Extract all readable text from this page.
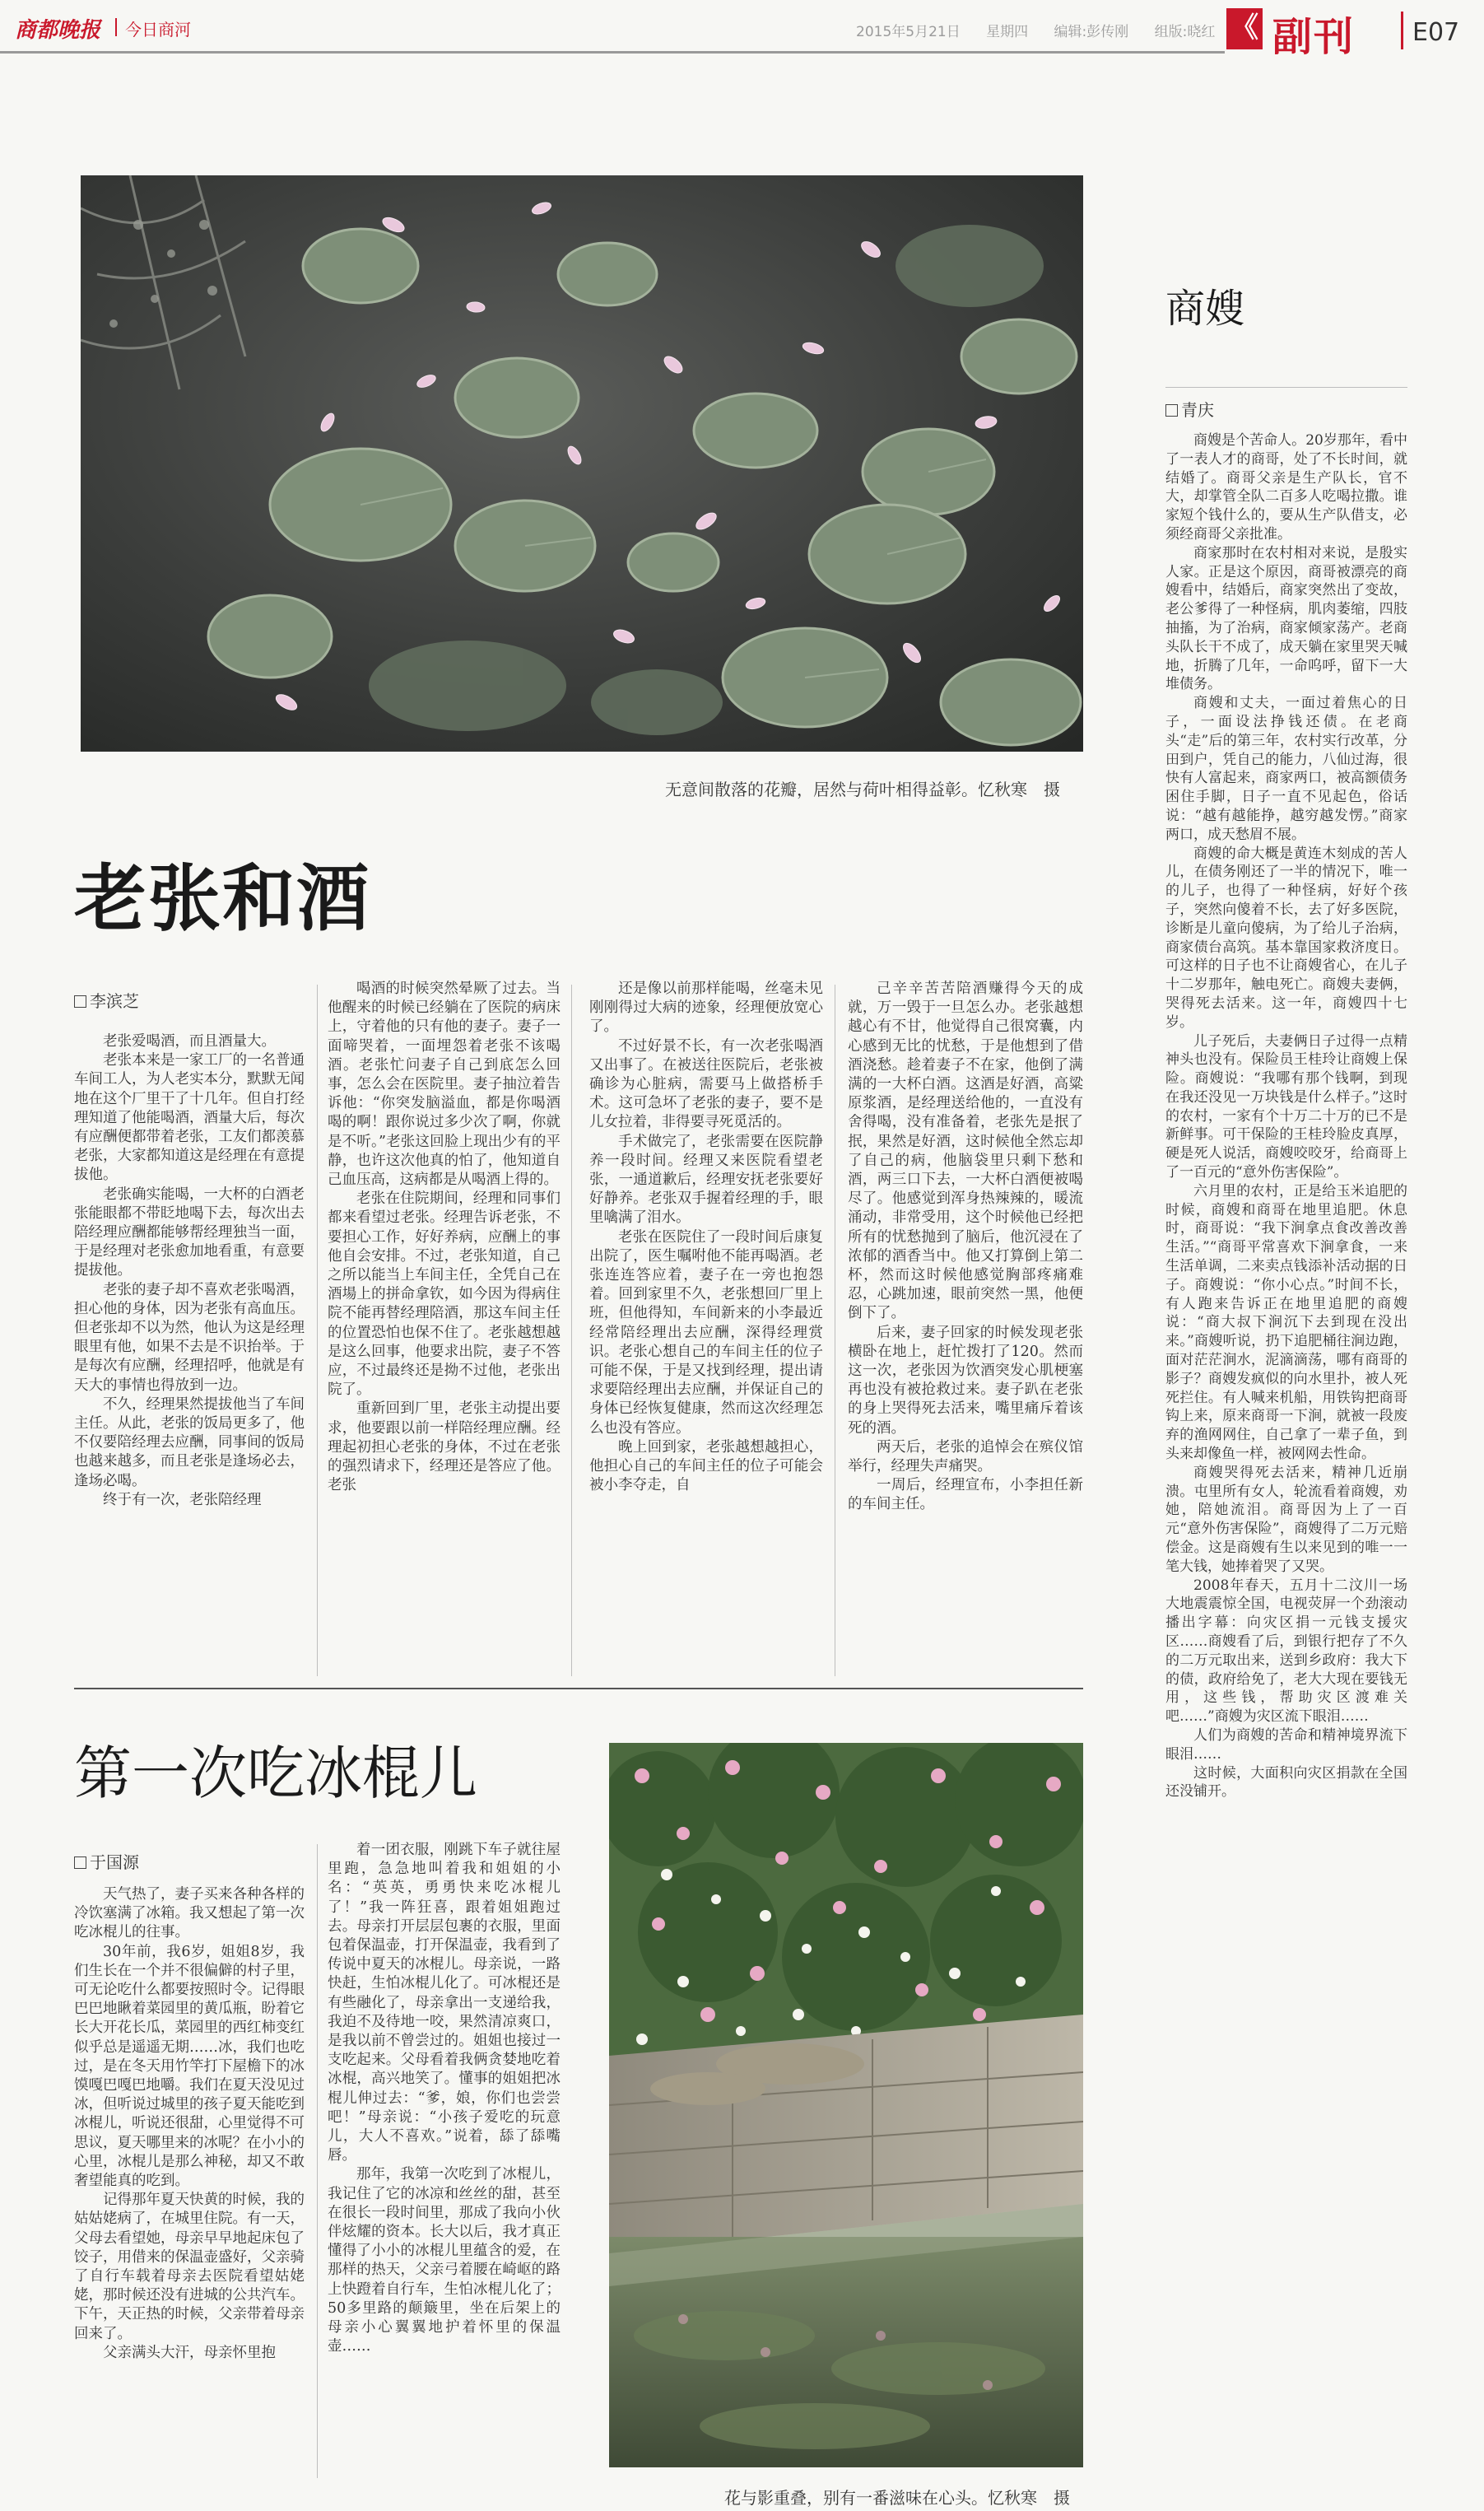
商都晚报 今日商河	2015年5月21日 星期四 编辑:彭传刚 组版:晓红 《 副刊 E07
无意间散落的花瓣，居然与荷叶相得益彰。忆秋寒　摄
老张和酒
李滨芝

老张爱喝酒，而且酒量大。

老张本来是一家工厂的一名普通车间工人，为人老实本分，默默无闻地在这个厂里干了十几年。但自打经理知道了他能喝酒，酒量大后，每次有应酬便都带着老张，工友们都羡慕老张，大家都知道这是经理在有意提拔他。

老张确实能喝，一大杯的白酒老张能眼都不带眨地喝下去，每次出去陪经理应酬都能够帮经理独当一面，于是经理对老张愈加地看重，有意要提拔他。

老张的妻子却不喜欢老张喝酒，担心他的身体，因为老张有高血压。但老张却不以为然，他认为这是经理眼里有他，如果不去是不识抬举。于是每次有应酬，经理招呼，他就是有天大的事情也得放到一边。

不久，经理果然提拔他当了车间主任。从此，老张的饭局更多了，他不仅要陪经理去应酬，同事间的饭局也越来越多，而且老张是逢场必去，逢场必喝。

终于有一次，老张陪经理

喝酒的时候突然晕厥了过去。当他醒来的时候已经躺在了医院的病床上，守着他的只有他的妻子。妻子一面啼哭着，一面埋怨着老张不该喝酒。老张忙问妻子自己到底怎么回事，怎么会在医院里。妻子抽泣着告诉他：“你突发脑溢血，都是你喝酒喝的啊！跟你说过多少次了啊，你就是不听。”老张这回脸上现出少有的平静，也许这次他真的怕了，他知道自己血压高，这病都是从喝酒上得的。

老张在住院期间，经理和同事们都来看望过老张。经理告诉老张，不要担心工作，好好养病，应酬上的事他自会安排。不过，老张知道，自己之所以能当上车间主任，全凭自己在酒場上的拼命拿钦，如今因为得病住院不能再替经理陪酒，那这车间主任的位置恐怕也保不住了。老张越想越是这么回事，他要求出院，妻子不答应，不过最终还是拗不过他，老张出院了。

重新回到厂里，老张主动提出要求，他要跟以前一样陪经理应酬。经理起初担心老张的身体，不过在老张的强烈请求下，经理还是答应了他。老张

还是像以前那样能喝，丝毫未见刚刚得过大病的迹象，经理便放宽心了。

不过好景不长，有一次老张喝酒又出事了。在被送往医院后，老张被确诊为心脏病，需要马上做搭桥手术。这可急坏了老张的妻子，要不是儿女拉着，非得要寻死觅活的。

手术做完了，老张需要在医院静养一段时间。经理又来医院看望老张，一通道歉后，经理安抚老张要好好静养。老张双手握着经理的手，眼里噙满了泪水。

老张在医院住了一段时间后康复出院了，医生嘱咐他不能再喝酒。老张连连答应着，妻子在一旁也抱怨着。回到家里不久，老张想回厂里上班，但他得知，车间新来的小李最近经常陪经理出去应酬，深得经理赏识。老张心想自己的车间主任的位子可能不保，于是又找到经理，提出请求要陪经理出去应酬，并保证自己的身体已经恢复健康，然而这次经理怎么也没有答应。

晚上回到家，老张越想越担心，他担心自己的车间主任的位子可能会被小李夺走，自

己辛辛苦苦陪酒赚得今天的成就，万一毁于一旦怎么办。老张越想越心有不甘，他觉得自己很窝囊，内心感到无比的忧愁，于是他想到了借酒浇愁。趁着妻子不在家，他倒了满满的一大杯白酒。这酒是好酒，高粱原浆酒，是经理送给他的，一直没有舍得喝，没有准备着，老张先是抿了抿，果然是好酒，这时候他全然忘却了自己的病，他脑袋里只剩下愁和酒，两三口下去，一大杯白酒便被喝尽了。他感觉到浑身热辣辣的，暖流涌动，非常受用，这个时候他已经把所有的忧愁抛到了脑后，他沉浸在了浓郁的酒香当中。他又打算倒上第二杯，然而这时候他感觉胸部疼痛难忍，心跳加速，眼前突然一黑，他便倒下了。

后来，妻子回家的时候发现老张横卧在地上，赶忙拨打了120。然而这一次，老张因为饮酒突发心肌梗塞再也没有被抢救过来。妻子趴在老张的身上哭得死去活来，嘴里痛斥着该死的酒。

两天后，老张的追悼会在殡仪馆举行，经理失声痛哭。

一周后，经理宣布，小李担任新的车间主任。

第一次吃冰棍儿
于国源

天气热了，妻子买来各种各样的冷饮塞满了冰箱。我又想起了第一次吃冰棍儿的往事。

30年前，我6岁，姐姐8岁，我们生长在一个并不很偏僻的村子里，可无论吃什么都要按照时令。记得眼巴巴地瞅着菜园里的黄瓜瓶，盼着它长大开花长瓜，菜园里的西红柿变红似乎总是遥遥无期……冰，我们也吃过，是在冬天用竹竿打下屋檐下的冰馍嘎巴嘎巴地嚼。我们在夏天没见过冰，但听说过城里的孩子夏天能吃到冰棍儿，听说还很甜，心里觉得不可思议，夏天哪里来的冰呢？在小小的心里，冰棍儿是那么神秘，却又不敢奢望能真的吃到。

记得那年夏天快黄的时候，我的姑姑姥病了，在城里住院。有一天，父母去看望她，母亲早早地起床包了饺子，用借来的保温壶盛好，父亲骑了自行车载着母亲去医院看望姑姥姥，那时候还没有进城的公共汽车。下午，天正热的时候，父亲带着母亲回来了。

父亲满头大汗，母亲怀里抱

着一团衣服，刚跳下车子就往屋里跑，急急地叫着我和姐姐的小名：“英英，勇勇快来吃冰棍儿了！”我一阵狂喜，跟着姐姐跑过去。母亲打开层层包裹的衣服，里面包着保温壶，打开保温壶，我看到了传说中夏天的冰棍儿。母亲说，一路快赶，生怕冰棍儿化了。可冰棍还是有些融化了，母亲拿出一支递给我，我迫不及待地一咬，果然清凉爽口，是我以前不曾尝过的。姐姐也接过一支吃起来。父母看着我俩贪婪地吃着冰棍，高兴地笑了。懂事的姐姐把冰棍儿伸过去：“爹，娘，你们也尝尝吧！”母亲说：“小孩子爱吃的玩意儿，大人不喜欢。”说着，舔了舔嘴唇。

那年，我第一次吃到了冰棍儿，我记住了它的冰凉和丝丝的甜，甚至在很长一段时间里，那成了我向小伙伴炫耀的资本。长大以后，我才真正懂得了小小的冰棍儿里蕴含的爱，在那样的热天，父亲弓着腰在崎岖的路上快蹬着自行车，生怕冰棍儿化了；50多里路的颠簸里，坐在后架上的母亲小心翼翼地护着怀里的保温壶……

花与影重叠，别有一番滋味在心头。忆秋寒　摄
商嫂
青庆

商嫂是个苦命人。20岁那年，看中了一表人才的商哥，处了不长时间，就结婚了。商哥父亲是生产队长，官不大，却掌管全队二百多人吃喝拉撒。谁家短个钱什么的，要从生产队借支，必须经商哥父亲批准。

商家那时在农村相对来说，是殷实人家。正是这个原因，商哥被漂亮的商嫂看中，结婚后，商家突然出了变故，老公爹得了一种怪病，肌肉萎缩，四肢抽搐，为了治病，商家倾家荡产。老商头队长干不成了，成天躺在家里哭天喊地，折腾了几年，一命呜呼，留下一大堆债务。

商嫂和丈夫，一面过着焦心的日子，一面设法挣钱还债。在老商头“走”后的第三年，农村实行改革，分田到户，凭自己的能力，八仙过海，很快有人富起来，商家两口，被高额债务困住手脚，日子一直不见起色，俗话说：“越有越能挣，越穷越发愣。”商家两口，成天愁眉不展。

商嫂的命大概是黄连木刻成的苦人儿，在债务刚还了一半的情况下，唯一的儿子，也得了一种怪病，好好个孩子，突然向傻着不长，去了好多医院，诊断是儿童向傻病，为了给儿子治病，商家债台高筑。基本靠国家救济度日。可这样的日子也不让商嫂省心，在儿子十二岁那年，触电死亡。商嫂夫妻俩，哭得死去活来。这一年，商嫂四十七岁。

儿子死后，夫妻俩日子过得一点精神头也没有。保险员王桂玲让商嫂上保险。商嫂说：“我哪有那个钱啊，到现在我还没见一万块钱是什么样子。”这时的农村，一家有个十万二十万的已不是新鲜事。可干保险的王桂玲脸皮真厚，硬是死人说活，商嫂咬咬牙，给商哥上了一百元的“意外伤害保险”。

六月里的农村，正是给玉米追肥的时候，商嫂和商哥在地里追肥。休息时，商哥说：“我下涧拿点食改善改善生活。”“商哥平常喜欢下涧拿食，一来生活单调，二来卖点钱添补活动据的日子。商嫂说：“你小心点。”时间不长，有人跑来告诉正在地里追肥的商嫂说：“商大叔下涧沉下去到现在没出来。”商嫂听说，扔下追肥桶往涧边跑，面对茫茫涧水，泥滴滴荡，哪有商哥的影子？商嫂发疯似的向水里扑，被人死死拦住。有人喊来机船，用铁钩把商哥钩上来，原来商哥一下涧，就被一段废弃的渔网网住，自己拿了一辈子鱼，到头来却像鱼一样，被网网去性命。

商嫂哭得死去活来，精神几近崩溃。屯里所有女人，轮流看着商嫂，劝她，陪她流泪。商哥因为上了一百元“意外伤害保险”，商嫂得了二万元赔偿金。这是商嫂有生以来见到的唯一一笔大钱，她捧着哭了又哭。

2008年春天，五月十二汶川一场大地震震惊全国，电视荧屏一个劲滚动播出字幕：向灾区捐一元钱支援灾区……商嫂看了后，到银行把存了不久的二万元取出来，送到乡政府：我大下的债，政府给免了，老大大现在要钱无用，这些钱，帮助灾区渡难关吧……”商嫂为灾区流下眼泪……

人们为商嫂的苦命和精神境界流下眼泪……

这时候，大面积向灾区捐款在全国还没铺开。
